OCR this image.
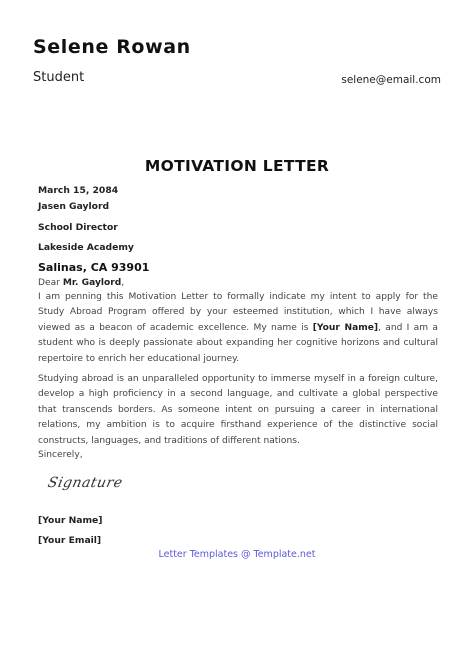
Selene Rowan
Student	selene@email.com
MOTIVATION LETTER
March 15, 2084
Jasen Gaylord
School Director
Lakeside Academy
Salinas, CA 93901
Dear Mr. Gaylord,
I am penning this Motivation Letter to formally indicate my intent to apply for the Study Abroad Program offered by your esteemed institution, which I have always viewed as a beacon of academic excellence. My name is [Your Name], and I am a student who is deeply passionate about expanding her cognitive horizons and cultural repertoire to enrich her educational journey.
Studying abroad is an unparalleled opportunity to immerse myself in a foreign culture, develop a high proficiency in a second language, and cultivate a global perspective that transcends borders. As someone intent on pursuing a career in international relations, my ambition is to acquire firsthand experience of the distinctive social constructs, languages, and traditions of different nations.
Sincerely,
Signature
[Your Name]
[Your Email]
Letter Templates @ Template.net
